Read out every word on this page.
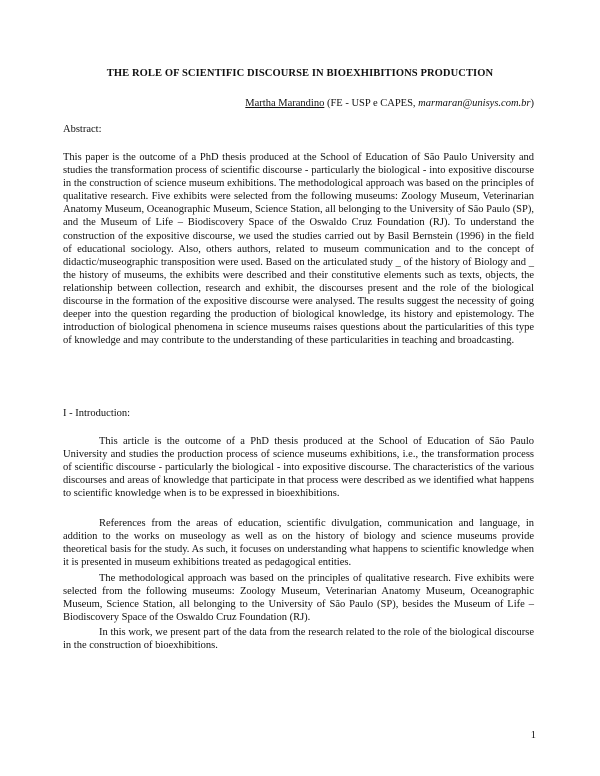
THE ROLE OF SCIENTIFIC DISCOURSE IN BIOEXHIBITIONS PRODUCTION
Martha Marandino (FE - USP e CAPES, marmaran@unisys.com.br)
Abstract:

This paper is the outcome of a PhD thesis produced at the School of Education of São Paulo University and studies the transformation process of scientific discourse - particularly the biological - into expositive discourse in the construction of science museum exhibitions. The methodological approach was based on the principles of qualitative research. Five exhibits were selected from the following museums: Zoology Museum, Veterinarian Anatomy Museum, Oceanographic Museum, Science Station, all belonging to the University of São Paulo (SP), and the Museum of Life – Biodiscovery Space of the Oswaldo Cruz Foundation (RJ). To understand the construction of the expositive discourse, we used the studies carried out by Basil Bernstein (1996) in the field of educational sociology. Also, others authors, related to museum communication and to the concept of didactic/museographic transposition were used. Based on the articulated study _ of the history of Biology and _ the history of museums, the exhibits were described and their constitutive elements such as texts, objects, the relationship between collection, research and exhibit, the discourses present and the role of the biological discourse in the formation of the expositive discourse were analysed. The results suggest the necessity of going deeper into the question regarding the production of biological knowledge, its history and epistemology. The introduction of biological phenomena in science museums raises questions about the particularities of this type of knowledge and may contribute to the understanding of these particularities in teaching and broadcasting.

I - Introduction:

This article is the outcome of a PhD thesis produced at the School of Education of São Paulo University and studies the production process of science museums exhibitions, i.e., the transformation process of scientific discourse - particularly the biological - into expositive discourse. The characteristics of the various discourses and areas of knowledge that participate in that process were described as we identified what happens to scientific knowledge when is to be expressed in bioexhibitions.

References from the areas of education, scientific divulgation, communication and language, in addition to the works on museology as well as on the history of biology and science museums provide theoretical basis for the study. As such, it focuses on understanding what happens to scientific knowledge when it is presented in museum exhibitions treated as pedagogical entities.

The methodological approach was based on the principles of qualitative research. Five exhibits were selected from the following museums: Zoology Museum, Veterinarian Anatomy Museum, Oceanographic Museum, Science Station, all belonging to the University of São Paulo (SP), besides the Museum of Life – Biodiscovery Space of the Oswaldo Cruz Foundation (RJ).

In this work, we present part of the data from the research related to the role of the biological discourse in the construction of bioexhibitions.

1
